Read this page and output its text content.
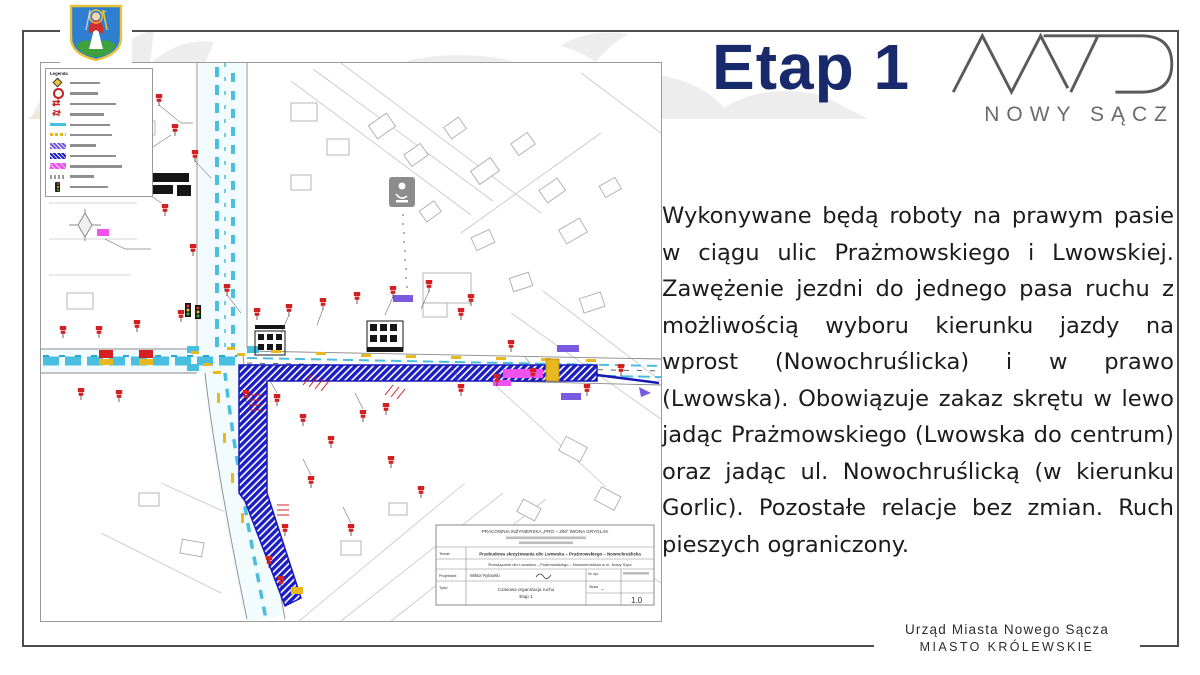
PRACOWNIA INŻYNIERSKA „PRO – ZiM” IWONA GRYGLAK
Temat:	Przebudowa skrzyżowania ulic Lwowska – Prażmowskiego – Nowochruślicka
Rozwiązanie ulic Lwowska – Prażmowskiego – Nowochruślicka w m. Nowy Sącz
Projektant:	Wiktor Rylowski	Nr upr.
Tytuł:	Czasowa organizacja ruchu
Etap 1
Skala –
1.0
Legenda
⇄
⇄	Etap 1
NOWY SĄCZ

Wykonywane będą roboty na prawym pasie w ciągu ulic Prażmowskiego i Lwowskiej. Zawężenie jezdni do jednego pasa ruchu z możliwością wyboru kierunku jazdy na wprost (Nowochruślicka) i w prawo (Lwowska). Obowiązuje zakaz skrętu w lewo jadąc Prażmowskiego (Lwowska do centrum) oraz jadąc ul. Nowochruślicką (w kierunku Gorlic). Pozostałe relacje bez zmian. Ruch pieszych ograniczony.

Urząd Miasta Nowego Sącza
MIASTO KRÓLEWSKIE
